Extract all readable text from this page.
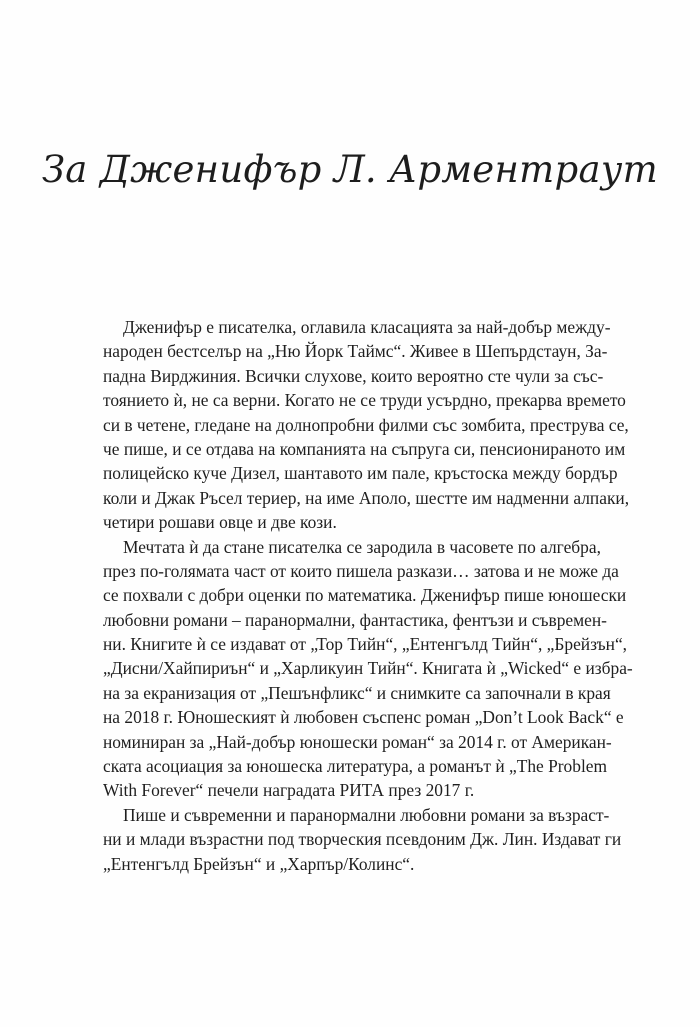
За Дженифър Л. Арментраут
Дженифър е писателка, оглавила класацията за най-добър между-
народен бестселър на „Ню Йорк Таймс“. Живее в Шепърдстаун, За-
падна Вирджиния. Всички слухове, които вероятно сте чули за със-
тоянието ѝ, не са верни. Когато не се труди усърдно, прекарва времето
си в четене, гледане на долнопробни филми със зомбита, преструва се,
че пише, и се отдава на компанията на съпруга си, пенсионираното им
полицейско куче Дизел, шантавото им пале, кръстоска между бордър
коли и Джак Ръсел териер, на име Аполо, шестте им надменни алпаки,
четири рошави овце и две кози.
Мечтата ѝ да стане писателка се зародила в часовете по алгебра,
през по-голямата част от които пишела разкази… затова и не може да
се похвали с добри оценки по математика. Дженифър пише юношески
любовни романи – паранормални, фантастика, фентъзи и съвремен-
ни. Книгите ѝ се издават от „Тор Тийн“, „Ентенгълд Тийн“, „Брейзън“,
„Дисни/Хайпириън“ и „Харликуин Тийн“. Книгата ѝ „Wicked“ е избра-
на за екранизация от „Пешънфликс“ и снимките са започнали в края
на 2018 г. Юношеският ѝ любовен съспенс роман „Don’t Look Back“ е
номиниран за „Най-добър юношески роман“ за 2014 г. от Американ-
ската асоциация за юношеска литература, а романът ѝ „The Problem
With Forever“ печели наградата РИТА през 2017 г.
Пише и съвременни и паранормални любовни романи за възраст-
ни и млади възрастни под творческия псевдоним Дж. Лин. Издават ги
„Ентенгълд Брейзън“ и „Харпър/Колинс“.
